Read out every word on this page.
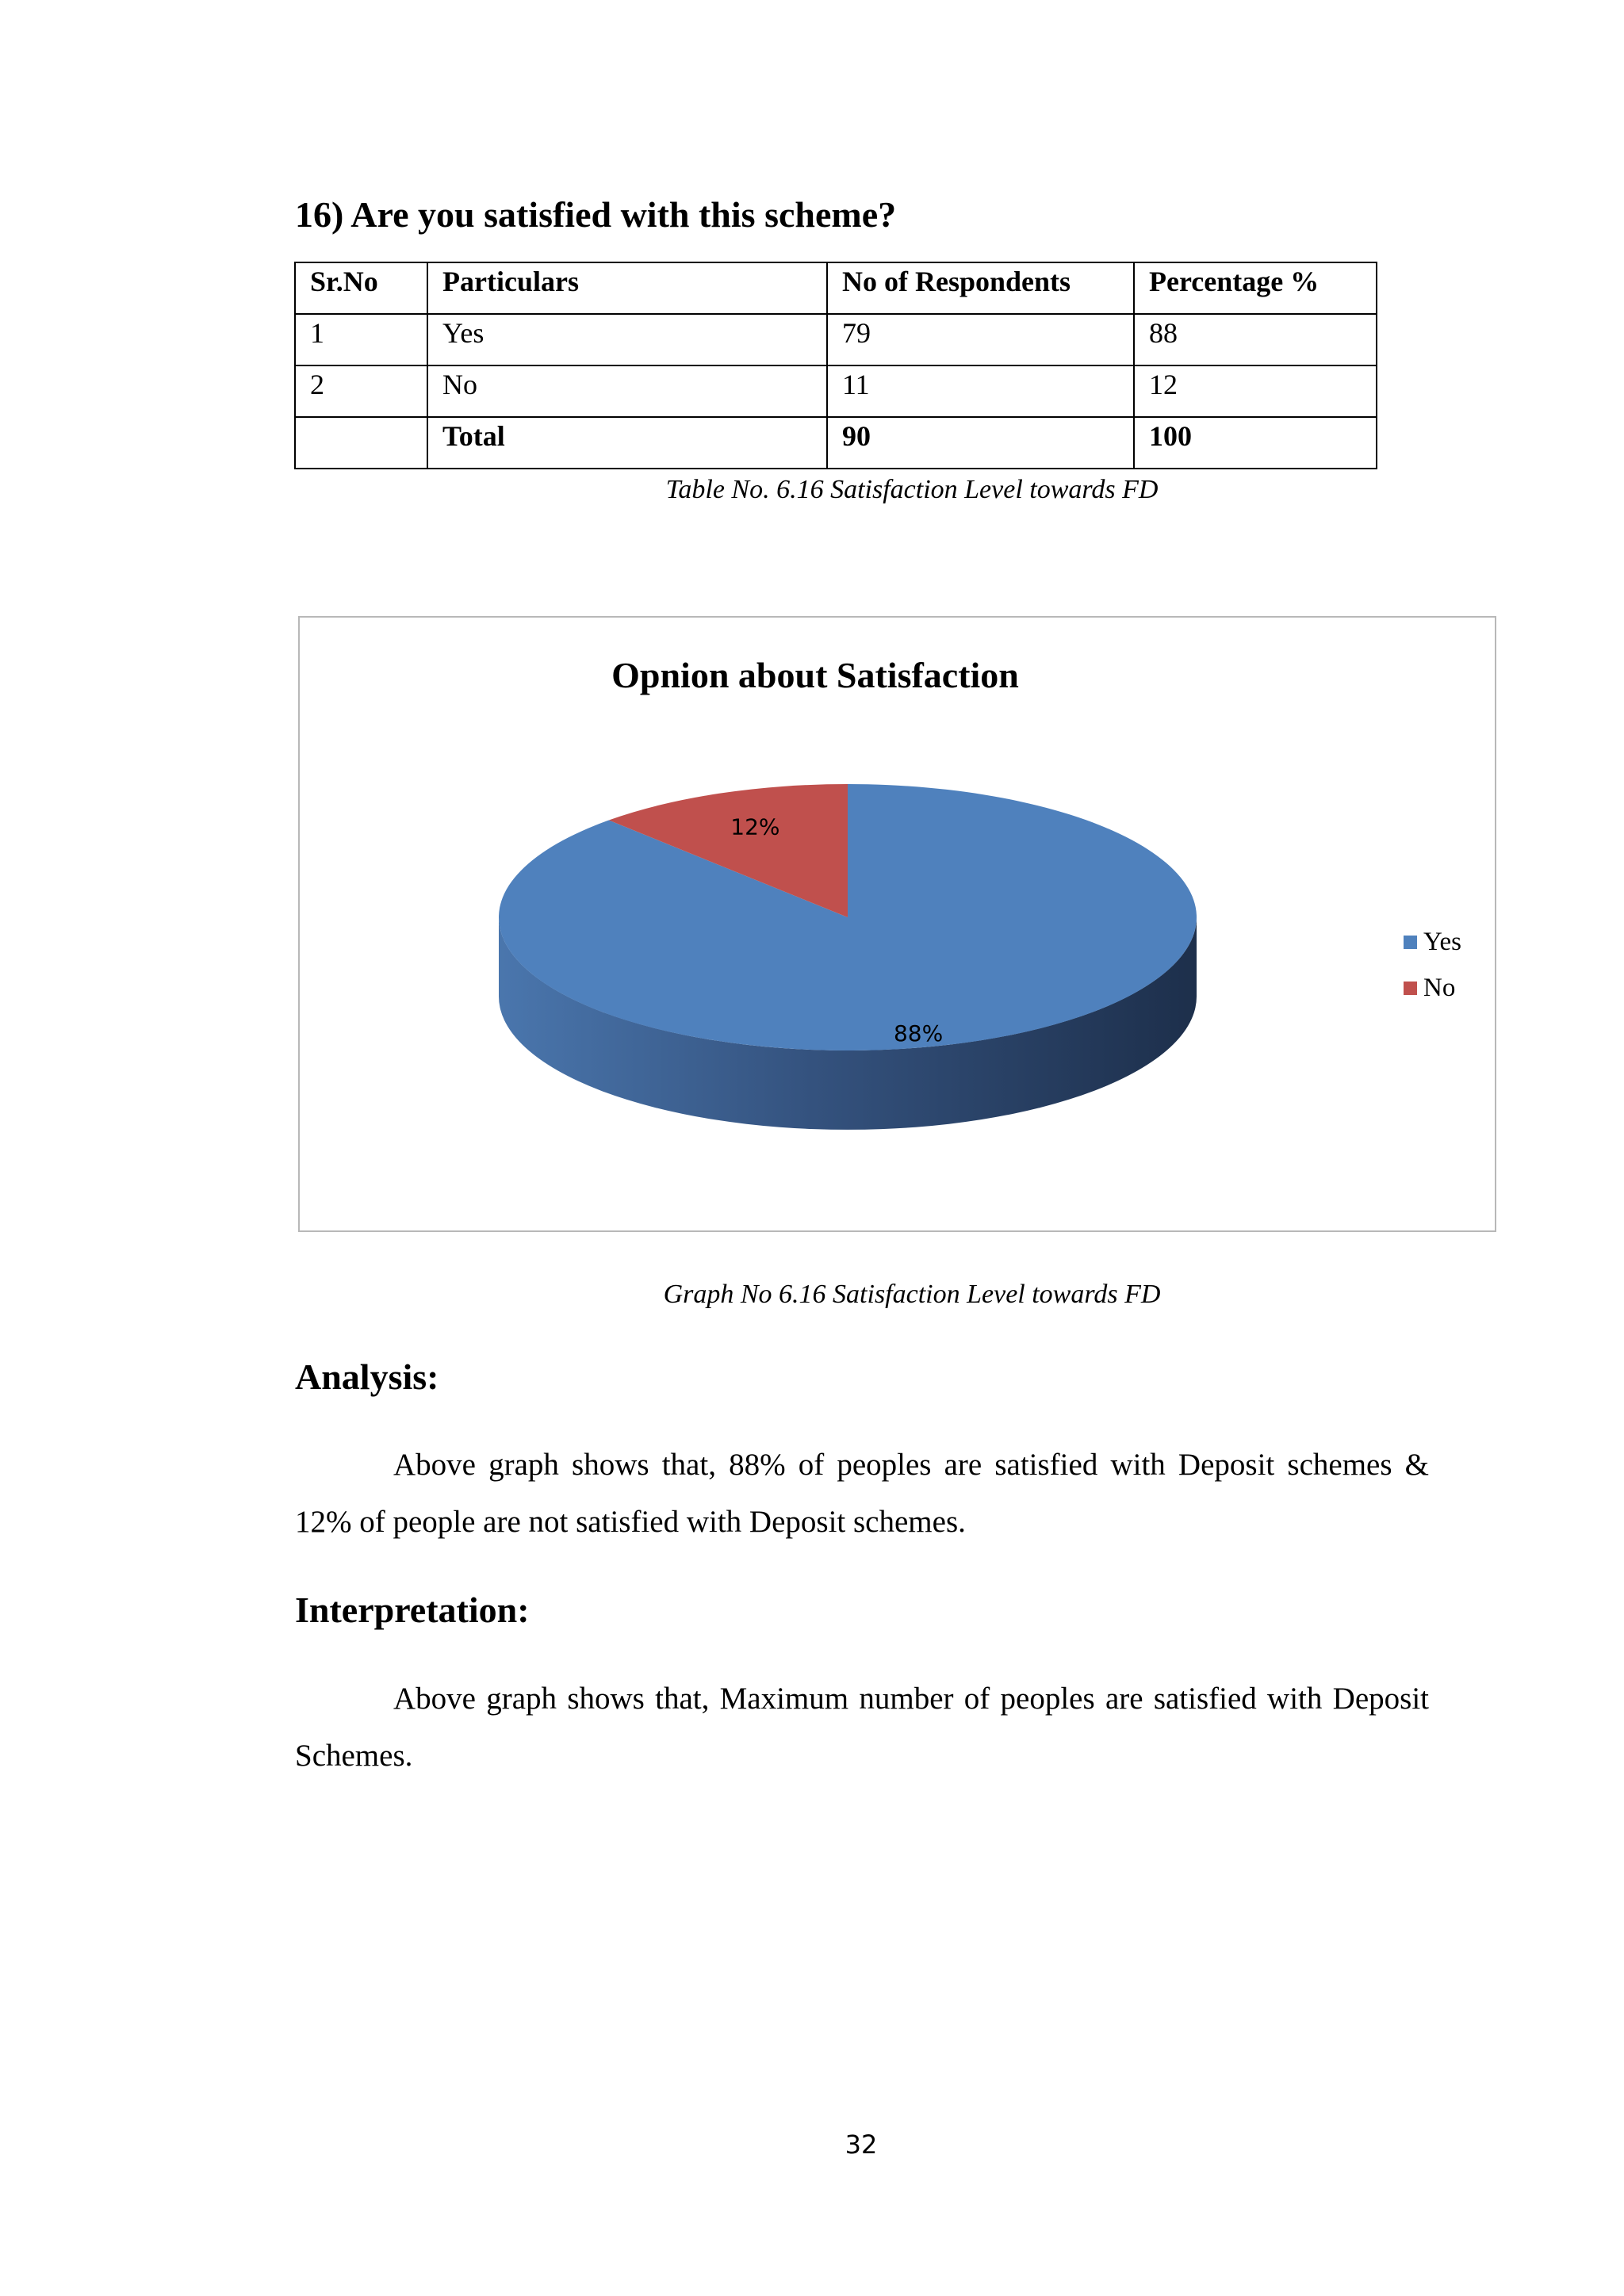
16) Are you satisfied with this scheme?
Sr.No	Particulars	No of Respondents	Percentage %
1	Yes	79	88
2	No	11	12
	Total	90	100

Table No. 6.16 Satisfaction Level towards FD

Opnion about Satisfaction

88%
12%
Yes
No

Graph No 6.16 Satisfaction Level towards FD

Analysis:

Above graph shows that, 88% of peoples are satisfied with Deposit schemes & 12% of people are not satisfied with Deposit schemes.

Interpretation:

Above graph shows that, Maximum number of peoples are satisfied with Deposit Schemes.

32
